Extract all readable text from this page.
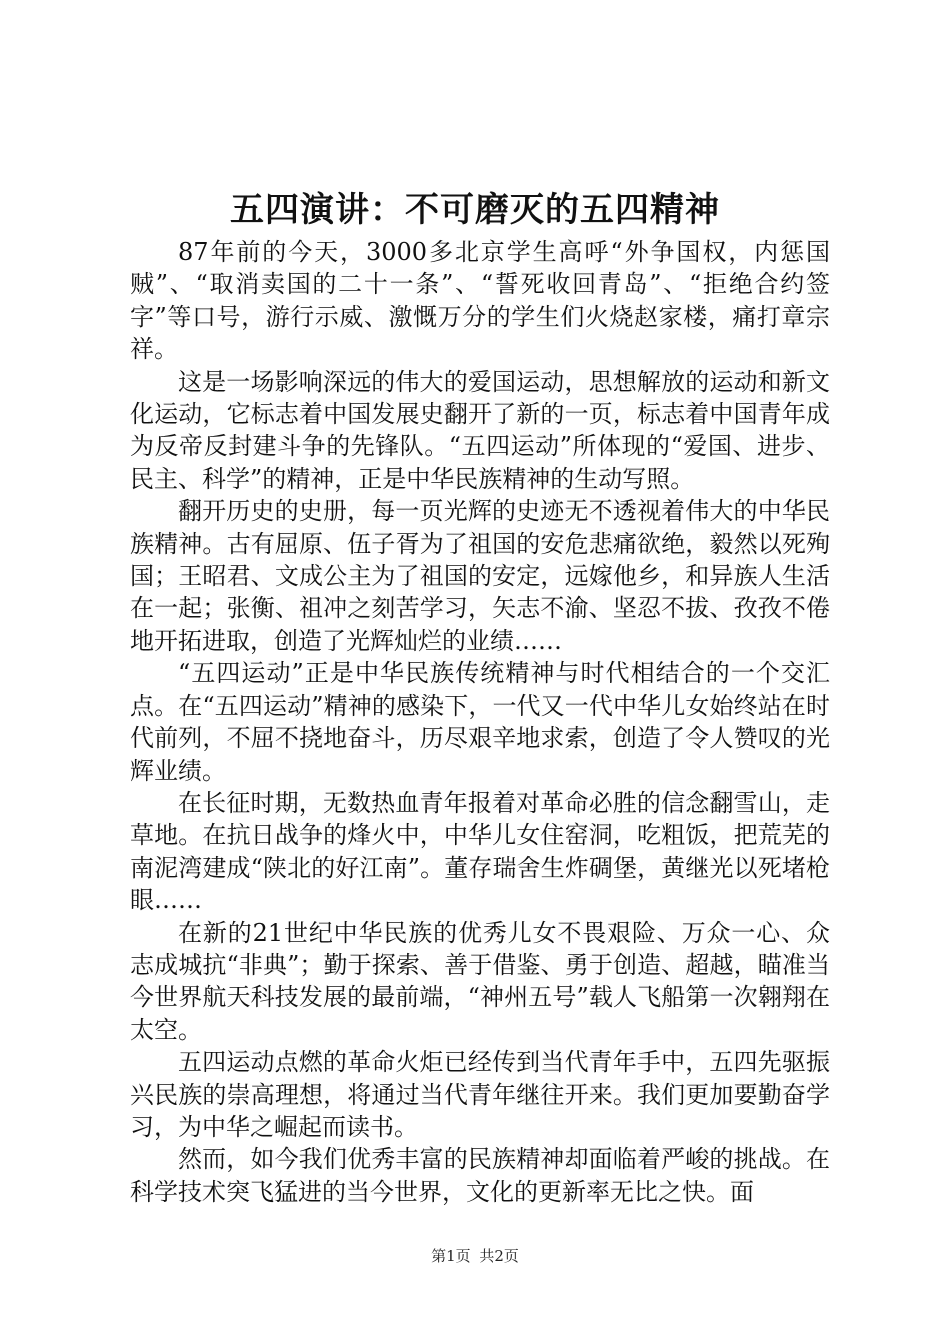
五四演讲：不可磨灭的五四精神

87年前的今天，3000多北京学生高呼“外争国权，内惩国贼”、“取消卖国的二十一条”、“誓死收回青岛”、“拒绝合约签字”等口号，游行示威、激慨万分的学生们火烧赵家楼，痛打章宗祥。

这是一场影响深远的伟大的爱国运动，思想解放的运动和新文化运动，它标志着中国发展史翻开了新的一页，标志着中国青年成为反帝反封建斗争的先锋队。“五四运动”所体现的“爱国、进步、民主、科学”的精神，正是中华民族精神的生动写照。

翻开历史的史册，每一页光辉的史迹无不透视着伟大的中华民族精神。古有屈原、伍子胥为了祖国的安危悲痛欲绝，毅然以死殉国；王昭君、文成公主为了祖国的安定，远嫁他乡，和异族人生活在一起；张衡、祖冲之刻苦学习，矢志不渝、坚忍不拔、孜孜不倦地开拓进取，创造了光辉灿烂的业绩……

“五四运动”正是中华民族传统精神与时代相结合的一个交汇点。在“五四运动”精神的感染下，一代又一代中华儿女始终站在时代前列，不屈不挠地奋斗，历尽艰辛地求索，创造了令人赞叹的光辉业绩。

在长征时期，无数热血青年报着对革命必胜的信念翻雪山，走草地。在抗日战争的烽火中，中华儿女住窑洞，吃粗饭，把荒芜的南泥湾建成“陕北的好江南”。董存瑞舍生炸碉堡，黄继光以死堵枪眼……

在新的21世纪中华民族的优秀儿女不畏艰险、万众一心、众志成城抗“非典”；勤于探索、善于借鉴、勇于创造、超越，瞄准当今世界航天科技发展的最前端，“神州五号”载人飞船第一次翱翔在太空。

五四运动点燃的革命火炬已经传到当代青年手中，五四先驱振兴民族的崇高理想，将通过当代青年继往开来。我们更加要勤奋学习，为中华之崛起而读书。

然而，如今我们优秀丰富的民族精神却面临着严峻的挑战。在科学技术突飞猛进的当今世界，文化的更新率无比之快。面

第1页 共2页
